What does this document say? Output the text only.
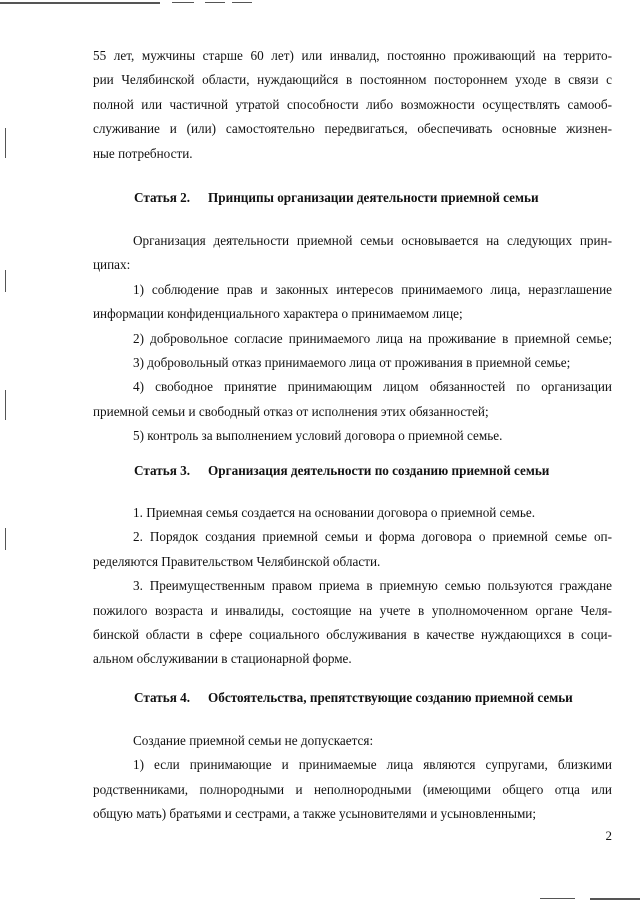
55 лет, мужчины старше 60 лет) или инвалид, постоянно проживающий на террито-
рии Челябинской области, нуждающийся в постоянном постороннем уходе в связи с
полной или частичной утратой способности либо возможности осуществлять самооб-
служивание и (или) самостоятельно передвигаться, обеспечивать основные жизнен-
ные потребности.
Статья 2. Принципы организации деятельности приемной семьи
Организация деятельности приемной семьи основывается на следующих прин-
ципах:
1) соблюдение прав и законных интересов принимаемого лица, неразглашение
информации конфиденциального характера о принимаемом лице;
2) добровольное согласие принимаемого лица на проживание в приемной семье;
3) добровольный отказ принимаемого лица от проживания в приемной семье;
4) свободное принятие принимающим лицом обязанностей по организации
приемной семьи и свободный отказ от исполнения этих обязанностей;
5) контроль за выполнением условий договора о приемной семье.
Статья 3. Организация деятельности по созданию приемной семьи
1. Приемная семья создается на основании договора о приемной семье.
2. Порядок создания приемной семьи и форма договора о приемной семье оп-
ределяются Правительством Челябинской области.
3. Преимущественным правом приема в приемную семью пользуются граждане
пожилого возраста и инвалиды, состоящие на учете в уполномоченном органе Челя-
бинской области в сфере социального обслуживания в качестве нуждающихся в соци-
альном обслуживании в стационарной форме.
Статья 4. Обстоятельства, препятствующие созданию приемной семьи
Создание приемной семьи не допускается:
1) если принимающие и принимаемые лица являются супругами, близкими
родственниками, полнородными и неполнородными (имеющими общего отца или
общую мать) братьями и сестрами, а также усыновителями и усыновленными;
2
